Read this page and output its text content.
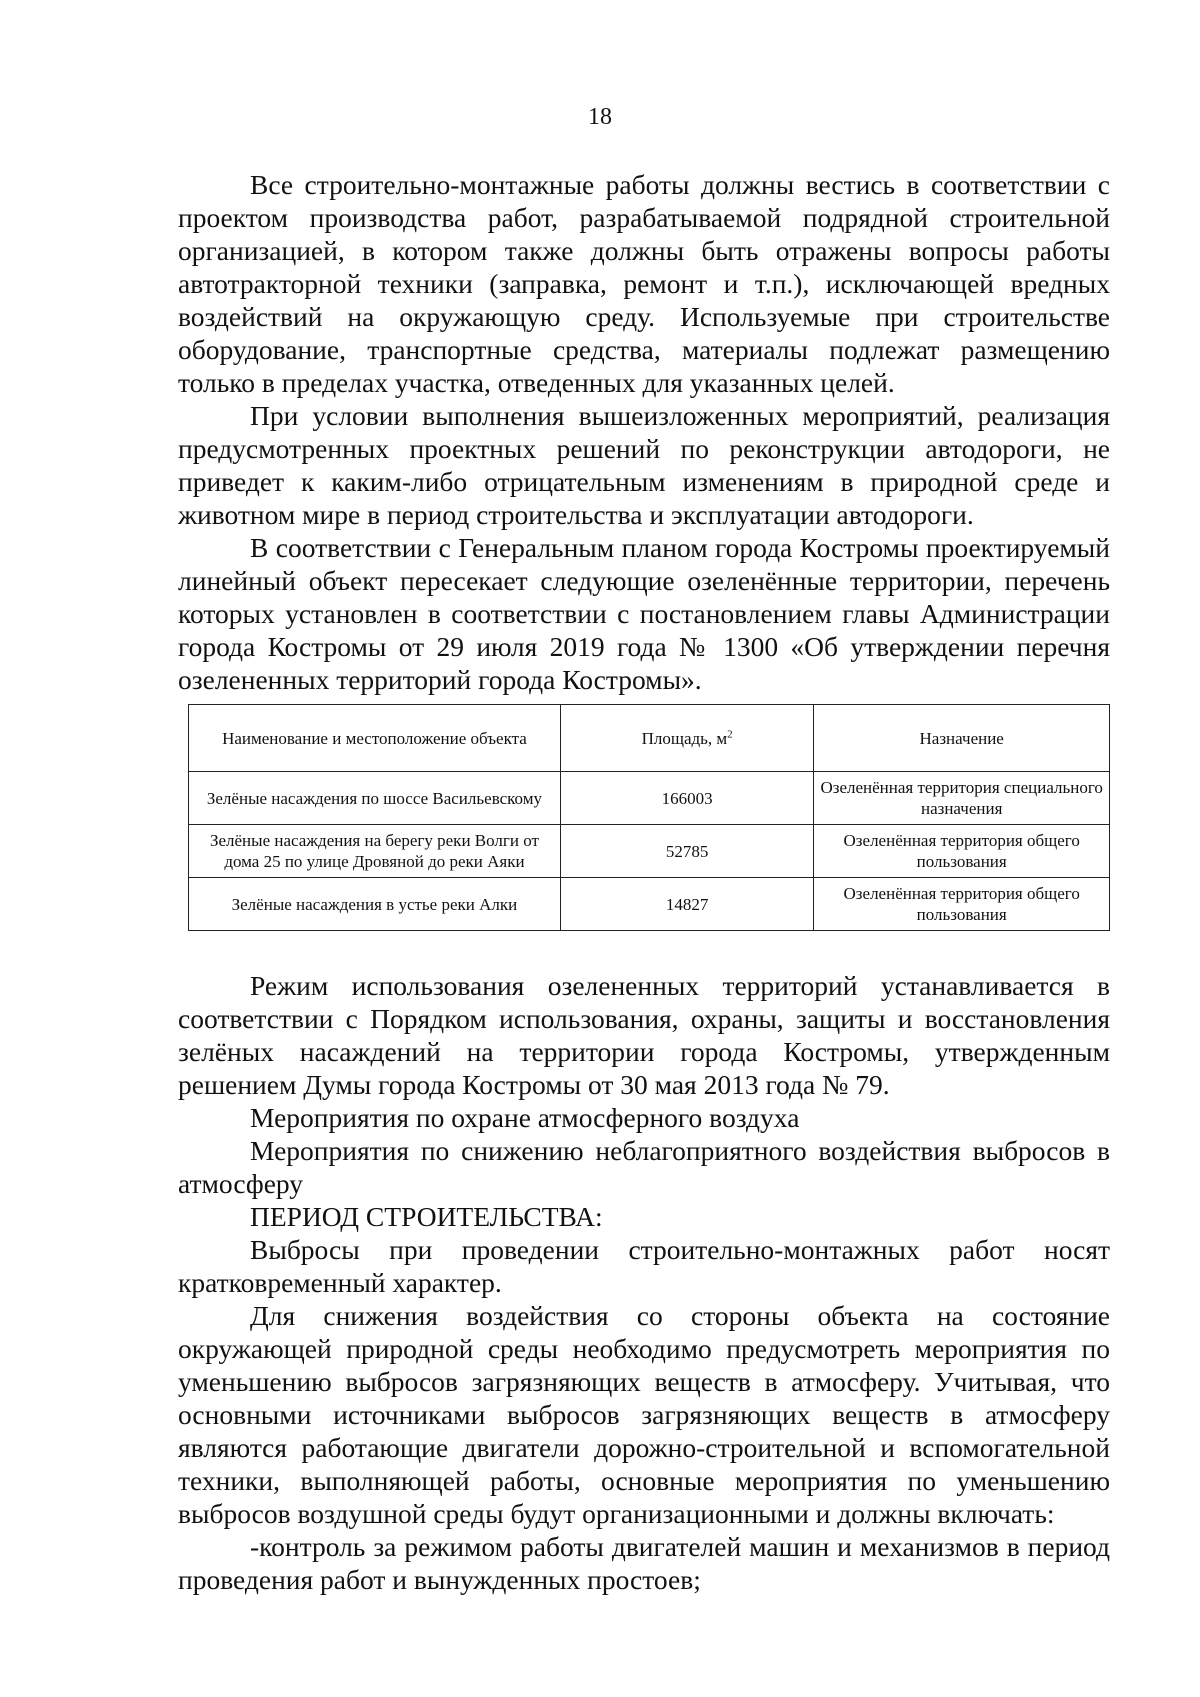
18

Все строительно-монтажные работы должны вестись в соответствии с проектом производства работ, разрабатываемой подрядной строительной организацией, в котором также должны быть отражены вопросы работы автотракторной техники (заправка, ремонт и т.п.), исключающей вредных воздействий на окружающую среду. Используемые при строительстве оборудование, транспортные средства, материалы подлежат размещению только в пределах участка, отведенных для указанных целей.

При условии выполнения вышеизложенных мероприятий, реализация предусмотренных проектных решений по реконструкции автодороги, не приведет к каким-либо отрицательным изменениям в природной среде и животном мире в период строительства и эксплуатации автодороги.

В соответствии с Генеральным планом города Костромы проектируемый линейный объект пересекает следующие озеленённые территории, перечень которых установлен в соответствии с постановлением главы Администрации города Костромы от 29 июля 2019 года № 1300 «Об утверждении перечня озелененных территорий города Костромы».

Наименование и местоположение объекта	Площадь, $м^2$	Назначение
Зелёные насаждения по шоссе Васильевскому	166003	Озеленённая территория специального назначения
Зелёные насаждения на берегу реки Волги от дома 25 по улице Дровяной до реки Аяки	52785	Озеленённая территория общего пользования
Зелёные насаждения в устье реки Алки	14827	Озеленённая территория общего пользования

Режим использования озелененных территорий устанавливается в соответствии с Порядком использования, охраны, защиты и восстановления зелёных насаждений на территории города Костромы, утвержденным решением Думы города Костромы от 30 мая 2013 года № 79.

Мероприятия по охране атмосферного воздуха

Мероприятия по снижению неблагоприятного воздействия выбросов в атмосферу

ПЕРИОД СТРОИТЕЛЬСТВА:

Выбросы при проведении строительно-монтажных работ носят кратковременный характер.

Для снижения воздействия со стороны объекта на состояние окружающей природной среды необходимо предусмотреть мероприятия по уменьшению выбросов загрязняющих веществ в атмосферу. Учитывая, что основными источниками выбросов загрязняющих веществ в атмосферу являются работающие двигатели дорожно-строительной и вспомогательной техники, выполняющей работы, основные мероприятия по уменьшению выбросов воздушной среды будут организационными и должны включать:

-контроль за режимом работы двигателей машин и механизмов в период проведения работ и вынужденных простоев;
